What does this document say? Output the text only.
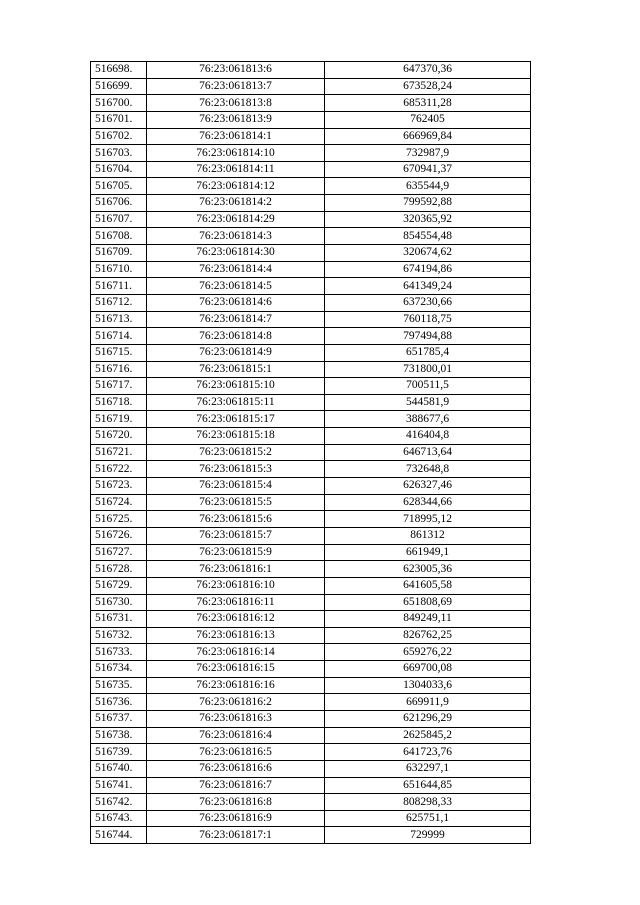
516698.	76:23:061813:6	647370,36
516699.	76:23:061813:7	673528,24
516700.	76:23:061813:8	685311,28
516701.	76:23:061813:9	762405
516702.	76:23:061814:1	666969,84
516703.	76:23:061814:10	732987,9
516704.	76:23:061814:11	670941,37
516705.	76:23:061814:12	635544,9
516706.	76:23:061814:2	799592,88
516707.	76:23:061814:29	320365,92
516708.	76:23:061814:3	854554,48
516709.	76:23:061814:30	320674,62
516710.	76:23:061814:4	674194,86
516711.	76:23:061814:5	641349,24
516712.	76:23:061814:6	637230,66
516713.	76:23:061814:7	760118,75
516714.	76:23:061814:8	797494,88
516715.	76:23:061814:9	651785,4
516716.	76:23:061815:1	731800,01
516717.	76:23:061815:10	700511,5
516718.	76:23:061815:11	544581,9
516719.	76:23:061815:17	388677,6
516720.	76:23:061815:18	416404,8
516721.	76:23:061815:2	646713,64
516722.	76:23:061815:3	732648,8
516723.	76:23:061815:4	626327,46
516724.	76:23:061815:5	628344,66
516725.	76:23:061815:6	718995,12
516726.	76:23:061815:7	861312
516727.	76:23:061815:9	661949,1
516728.	76:23:061816:1	623005,36
516729.	76:23:061816:10	641605,58
516730.	76:23:061816:11	651808,69
516731.	76:23:061816:12	849249,11
516732.	76:23:061816:13	826762,25
516733.	76:23:061816:14	659276,22
516734.	76:23:061816:15	669700,08
516735.	76:23:061816:16	1304033,6
516736.	76:23:061816:2	669911,9
516737.	76:23:061816:3	621296,29
516738.	76:23:061816:4	2625845,2
516739.	76:23:061816:5	641723,76
516740.	76:23:061816:6	632297,1
516741.	76:23:061816:7	651644,85
516742.	76:23:061816:8	808298,33
516743.	76:23:061816:9	625751,1
516744.	76:23:061817:1	729999
